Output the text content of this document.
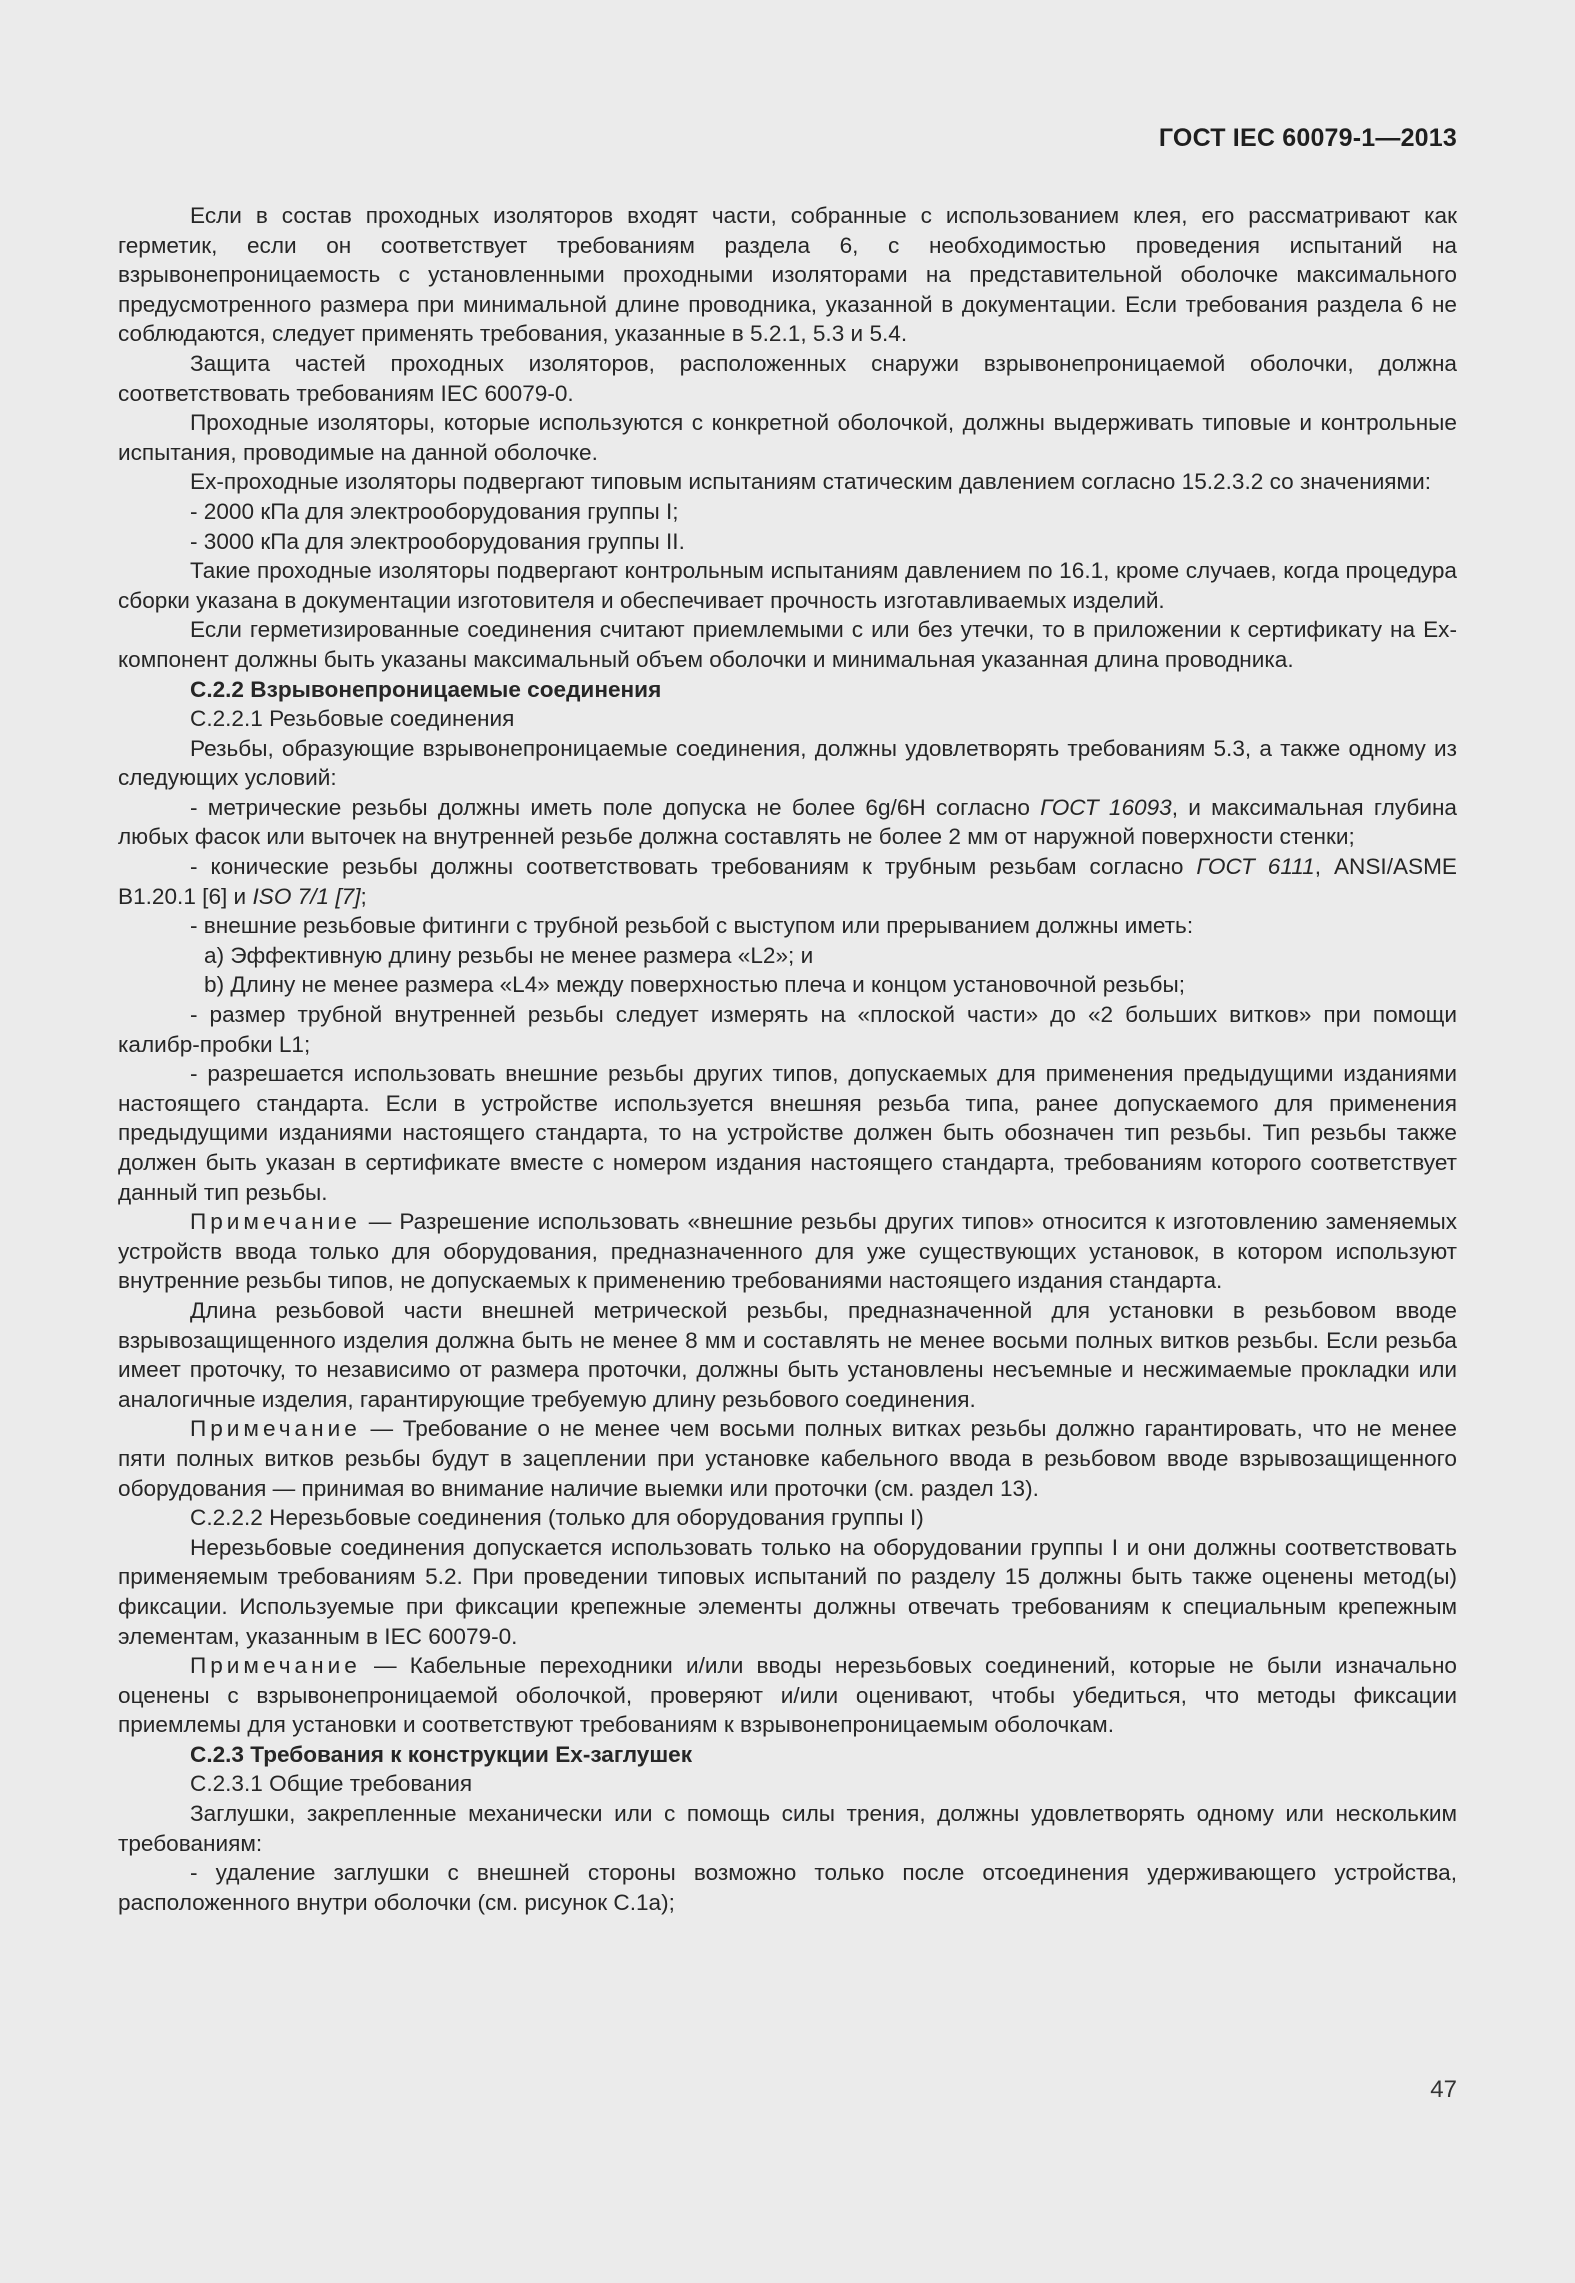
ГОСТ IEC 60079-1—2013

Если в состав проходных изоляторов входят части, собранные с использованием клея, его рассматривают как герметик, если он соответствует требованиям раздела 6, с необходимостью проведения испытаний на взрывонепроницаемость с установленными проходными изоляторами на представительной оболочке максимального предусмотренного размера при минимальной длине проводника, указанной в документации. Если требования раздела 6 не соблюдаются, следует применять требования, указанные в 5.2.1, 5.3 и 5.4.

Защита частей проходных изоляторов, расположенных снаружи взрывонепроницаемой оболочки, должна соответствовать требованиям IEC 60079-0.

Проходные изоляторы, которые используются с конкретной оболочкой, должны выдерживать типовые и контрольные испытания, проводимые на данной оболочке.

Ex-проходные изоляторы подвергают типовым испытаниям статическим давлением согласно 15.2.3.2 со значениями:

- 2000 кПа для электрооборудования группы I;

- 3000 кПа для электрооборудования группы II.

Такие проходные изоляторы подвергают контрольным испытаниям давлением по 16.1, кроме случаев, когда процедура сборки указана в документации изготовителя и обеспечивает прочность изготавливаемых изделий.

Если герметизированные соединения считают приемлемыми с или без утечки, то в приложении к сертификату на Ex-компонент должны быть указаны максимальный объем оболочки и минимальная указанная длина проводника.

С.2.2 Взрывонепроницаемые соединения

С.2.2.1 Резьбовые соединения

Резьбы, образующие взрывонепроницаемые соединения, должны удовлетворять требованиям 5.3, а также одному из следующих условий:

- метрические резьбы должны иметь поле допуска не более 6g/6H согласно ГОСТ 16093, и максимальная глубина любых фасок или выточек на внутренней резьбе должна составлять не более 2 мм от наружной поверхности стенки;

- конические резьбы должны соответствовать требованиям к трубным резьбам согласно ГОСТ 6111, ANSI/ASME B1.20.1 [6] и ISO 7/1 [7];

- внешние резьбовые фитинги с трубной резьбой с выступом или прерыванием должны иметь:

a) Эффективную длину резьбы не менее размера «L2»; и

b) Длину не менее размера «L4» между поверхностью плеча и концом установочной резьбы;

- размер трубной внутренней резьбы следует измерять на «плоской части» до «2 больших витков» при помощи калибр-пробки L1;

- разрешается использовать внешние резьбы других типов, допускаемых для применения предыдущими изданиями настоящего стандарта. Если в устройстве используется внешняя резьба типа, ранее допускаемого для применения предыдущими изданиями настоящего стандарта, то на устройстве должен быть обозначен тип резьбы. Тип резьбы также должен быть указан в сертификате вместе с номером издания настоящего стандарта, требованиям которого соответствует данный тип резьбы.

Примечание — Разрешение использовать «внешние резьбы других типов» относится к изготовлению заменяемых устройств ввода только для оборудования, предназначенного для уже существующих установок, в котором используют внутренние резьбы типов, не допускаемых к применению требованиями настоящего издания стандарта.

Длина резьбовой части внешней метрической резьбы, предназначенной для установки в резьбовом вводе взрывозащищенного изделия должна быть не менее 8 мм и составлять не менее восьми полных витков резьбы. Если резьба имеет проточку, то независимо от размера проточки, должны быть установлены несъемные и несжимаемые прокладки или аналогичные изделия, гарантирующие требуемую длину резьбового соединения.

Примечание — Требование о не менее чем восьми полных витках резьбы должно гарантировать, что не менее пяти полных витков резьбы будут в зацеплении при установке кабельного ввода в резьбовом вводе взрывозащищенного оборудования — принимая во внимание наличие выемки или проточки (см. раздел 13).

С.2.2.2 Нерезьбовые соединения (только для оборудования группы I)

Нерезьбовые соединения допускается использовать только на оборудовании группы I и они должны соответствовать применяемым требованиям 5.2. При проведении типовых испытаний по разделу 15 должны быть также оценены метод(ы) фиксации. Используемые при фиксации крепежные элементы должны отвечать требованиям к специальным крепежным элементам, указанным в IEC 60079-0.

Примечание — Кабельные переходники и/или вводы нерезьбовых соединений, которые не были изначально оценены с взрывонепроницаемой оболочкой, проверяют и/или оценивают, чтобы убедиться, что методы фиксации приемлемы для установки и соответствуют требованиям к взрывонепроницаемым оболочкам.

С.2.3 Требования к конструкции Ex-заглушек

С.2.3.1 Общие требования

Заглушки, закрепленные механически или с помощь силы трения, должны удовлетворять одному или нескольким требованиям:

- удаление заглушки с внешней стороны возможно только после отсоединения удерживающего устройства, расположенного внутри оболочки (см. рисунок С.1а);

47
